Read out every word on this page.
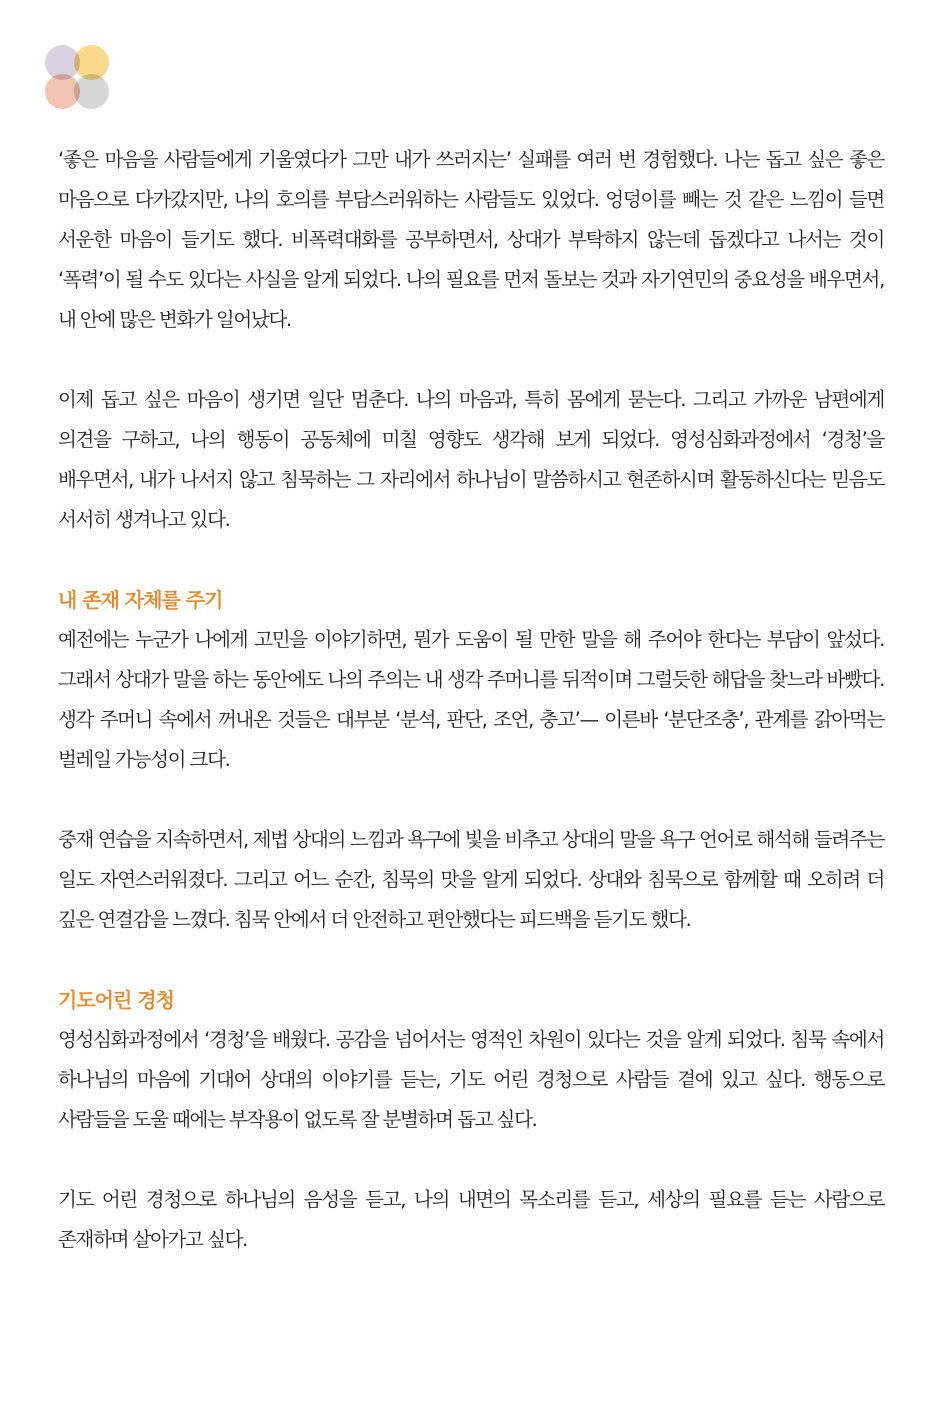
‘좋은 마음을 사람들에게 기울였다가 그만 내가 쓰러지는’ 실패를 여러 번 경험했다. 나는 돕고 싶은 좋은 마음으로 다가갔지만, 나의 호의를 부담스러워하는 사람들도 있었다. 엉덩이를 빼는 것 같은 느낌이 들면 서운한 마음이 들기도 했다. 비폭력대화를 공부하면서, 상대가 부탁하지 않는데 돕겠다고 나서는 것이 ‘폭력’이 될 수도 있다는 사실을 알게 되었다. 나의 필요를 먼저 돌보는 것과 자기연민의 중요성을 배우면서, 내 안에 많은 변화가 일어났다.

이제 돕고 싶은 마음이 생기면 일단 멈춘다. 나의 마음과, 특히 몸에게 묻는다. 그리고 가까운 남편에게 의견을 구하고, 나의 행동이 공동체에 미칠 영향도 생각해 보게 되었다. 영성심화과정에서 ‘경청’을 배우면서, 내가 나서지 않고 침묵하는 그 자리에서 하나님이 말씀하시고 현존하시며 활동하신다는 믿음도 서서히 생겨나고 있다.

내 존재 자체를 주기

예전에는 누군가 나에게 고민을 이야기하면, 뭔가 도움이 될 만한 말을 해 주어야 한다는 부담이 앞섰다. 그래서 상대가 말을 하는 동안에도 나의 주의는 내 생각 주머니를 뒤적이며 그럴듯한 해답을 찾느라 바빴다. 생각 주머니 속에서 꺼내온 것들은 대부분 ‘분석, 판단, 조언, 충고’— 이른바 ‘분단조충’, 관계를 갉아먹는 벌레일 가능성이 크다.

중재 연습을 지속하면서, 제법 상대의 느낌과 욕구에 빛을 비추고 상대의 말을 욕구 언어로 해석해 들려주는 일도 자연스러워졌다. 그리고 어느 순간, 침묵의 맛을 알게 되었다. 상대와 침묵으로 함께할 때 오히려 더 깊은 연결감을 느꼈다. 침묵 안에서 더 안전하고 편안했다는 피드백을 듣기도 했다.

기도어린 경청

영성심화과정에서 ‘경청’을 배웠다. 공감을 넘어서는 영적인 차원이 있다는 것을 알게 되었다. 침묵 속에서 하나님의 마음에 기대어 상대의 이야기를 듣는, 기도 어린 경청으로 사람들 곁에 있고 싶다. 행동으로 사람들을 도울 때에는 부작용이 없도록 잘 분별하며 돕고 싶다.

기도 어린 경청으로 하나님의 음성을 듣고, 나의 내면의 목소리를 듣고, 세상의 필요를 듣는 사람으로 존재하며 살아가고 싶다.
